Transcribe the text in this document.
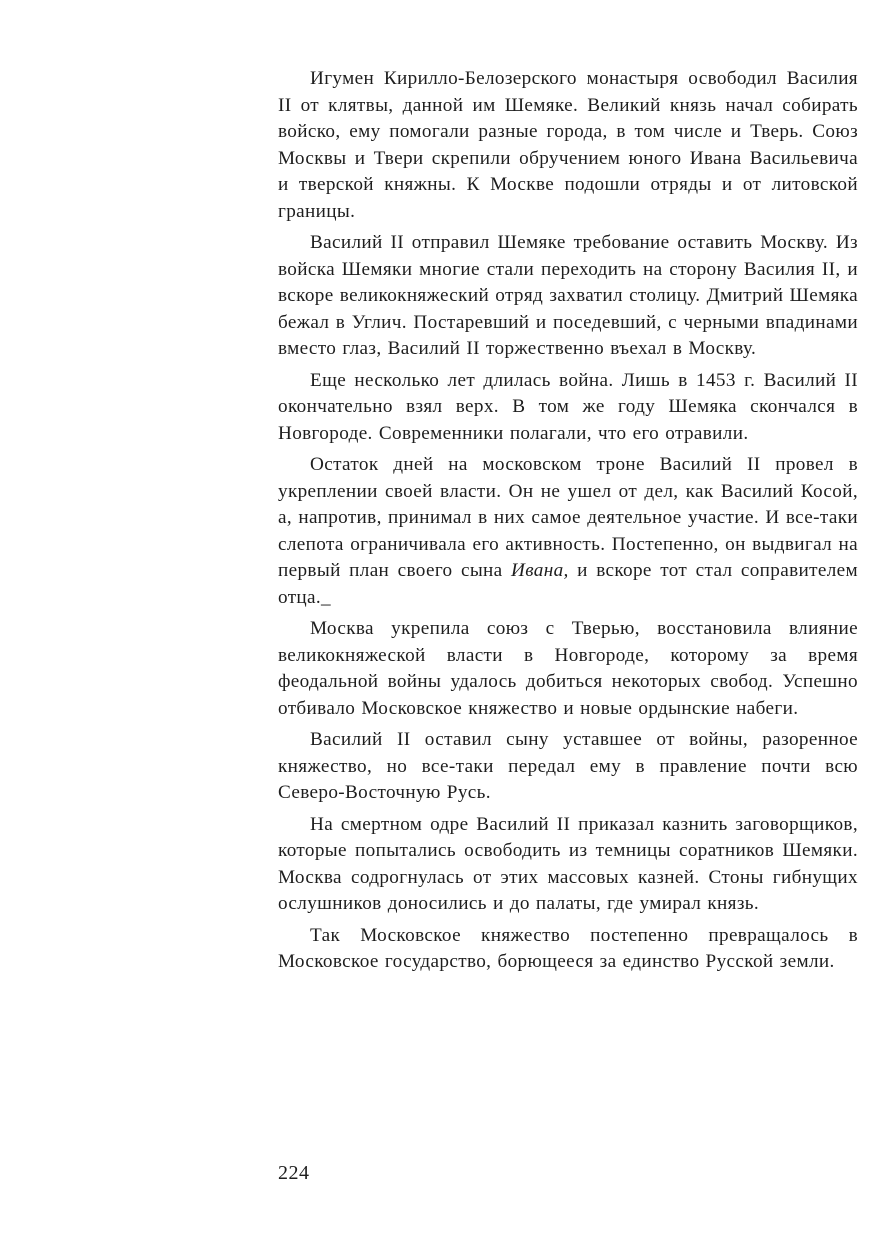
Игумен Кирилло-Белозерского монастыря освободил Василия II от клятвы, данной им Шемяке. Великий князь начал собирать войско, ему помогали разные города, в том числе и Тверь. Союз Москвы и Твери скрепили обручением юного Ивана Васильевича и тверской княжны. К Москве подошли отряды и от литовской границы.

Василий II отправил Шемяке требование оставить Москву. Из войска Шемяки многие стали переходить на сторону Василия II, и вскоре великокняжеский отряд захватил столицу. Дмитрий Шемяка бежал в Углич. Постаревший и поседевший, с черными впадинами вместо глаз, Василий II торжественно въехал в Москву.

Еще несколько лет длилась война. Лишь в 1453 г. Василий II окончательно взял верх. В том же году Шемяка скончался в Новгороде. Современники полагали, что его отравили.

Остаток дней на московском троне Василий II провел в укреплении своей власти. Он не ушел от дел, как Василий Косой, а, напротив, принимал в них самое деятельное участие. И все-таки слепота ограничивала его активность. Постепенно, он выдвигал на первый план своего сына Ивана, и вскоре тот стал соправителем отца._

Москва укрепила союз с Тверью, восстановила влияние великокняжеской власти в Новгороде, которому за время феодальной войны удалось добиться некоторых свобод. Успешно отбивало Московское княжество и новые ордынские набеги.

Василий II оставил сыну уставшее от войны, разоренное княжество, но все-таки передал ему в правление почти всю Северо-Восточную Русь.

На смертном одре Василий II приказал казнить заговорщиков, которые попытались освободить из темницы соратников Шемяки. Москва содрогнулась от этих массовых казней. Стоны гибнущих ослушников доносились и до палаты, где умирал князь.

Так Московское княжество постепенно превращалось в Московское государство, борющееся за единство Русской земли.

224
